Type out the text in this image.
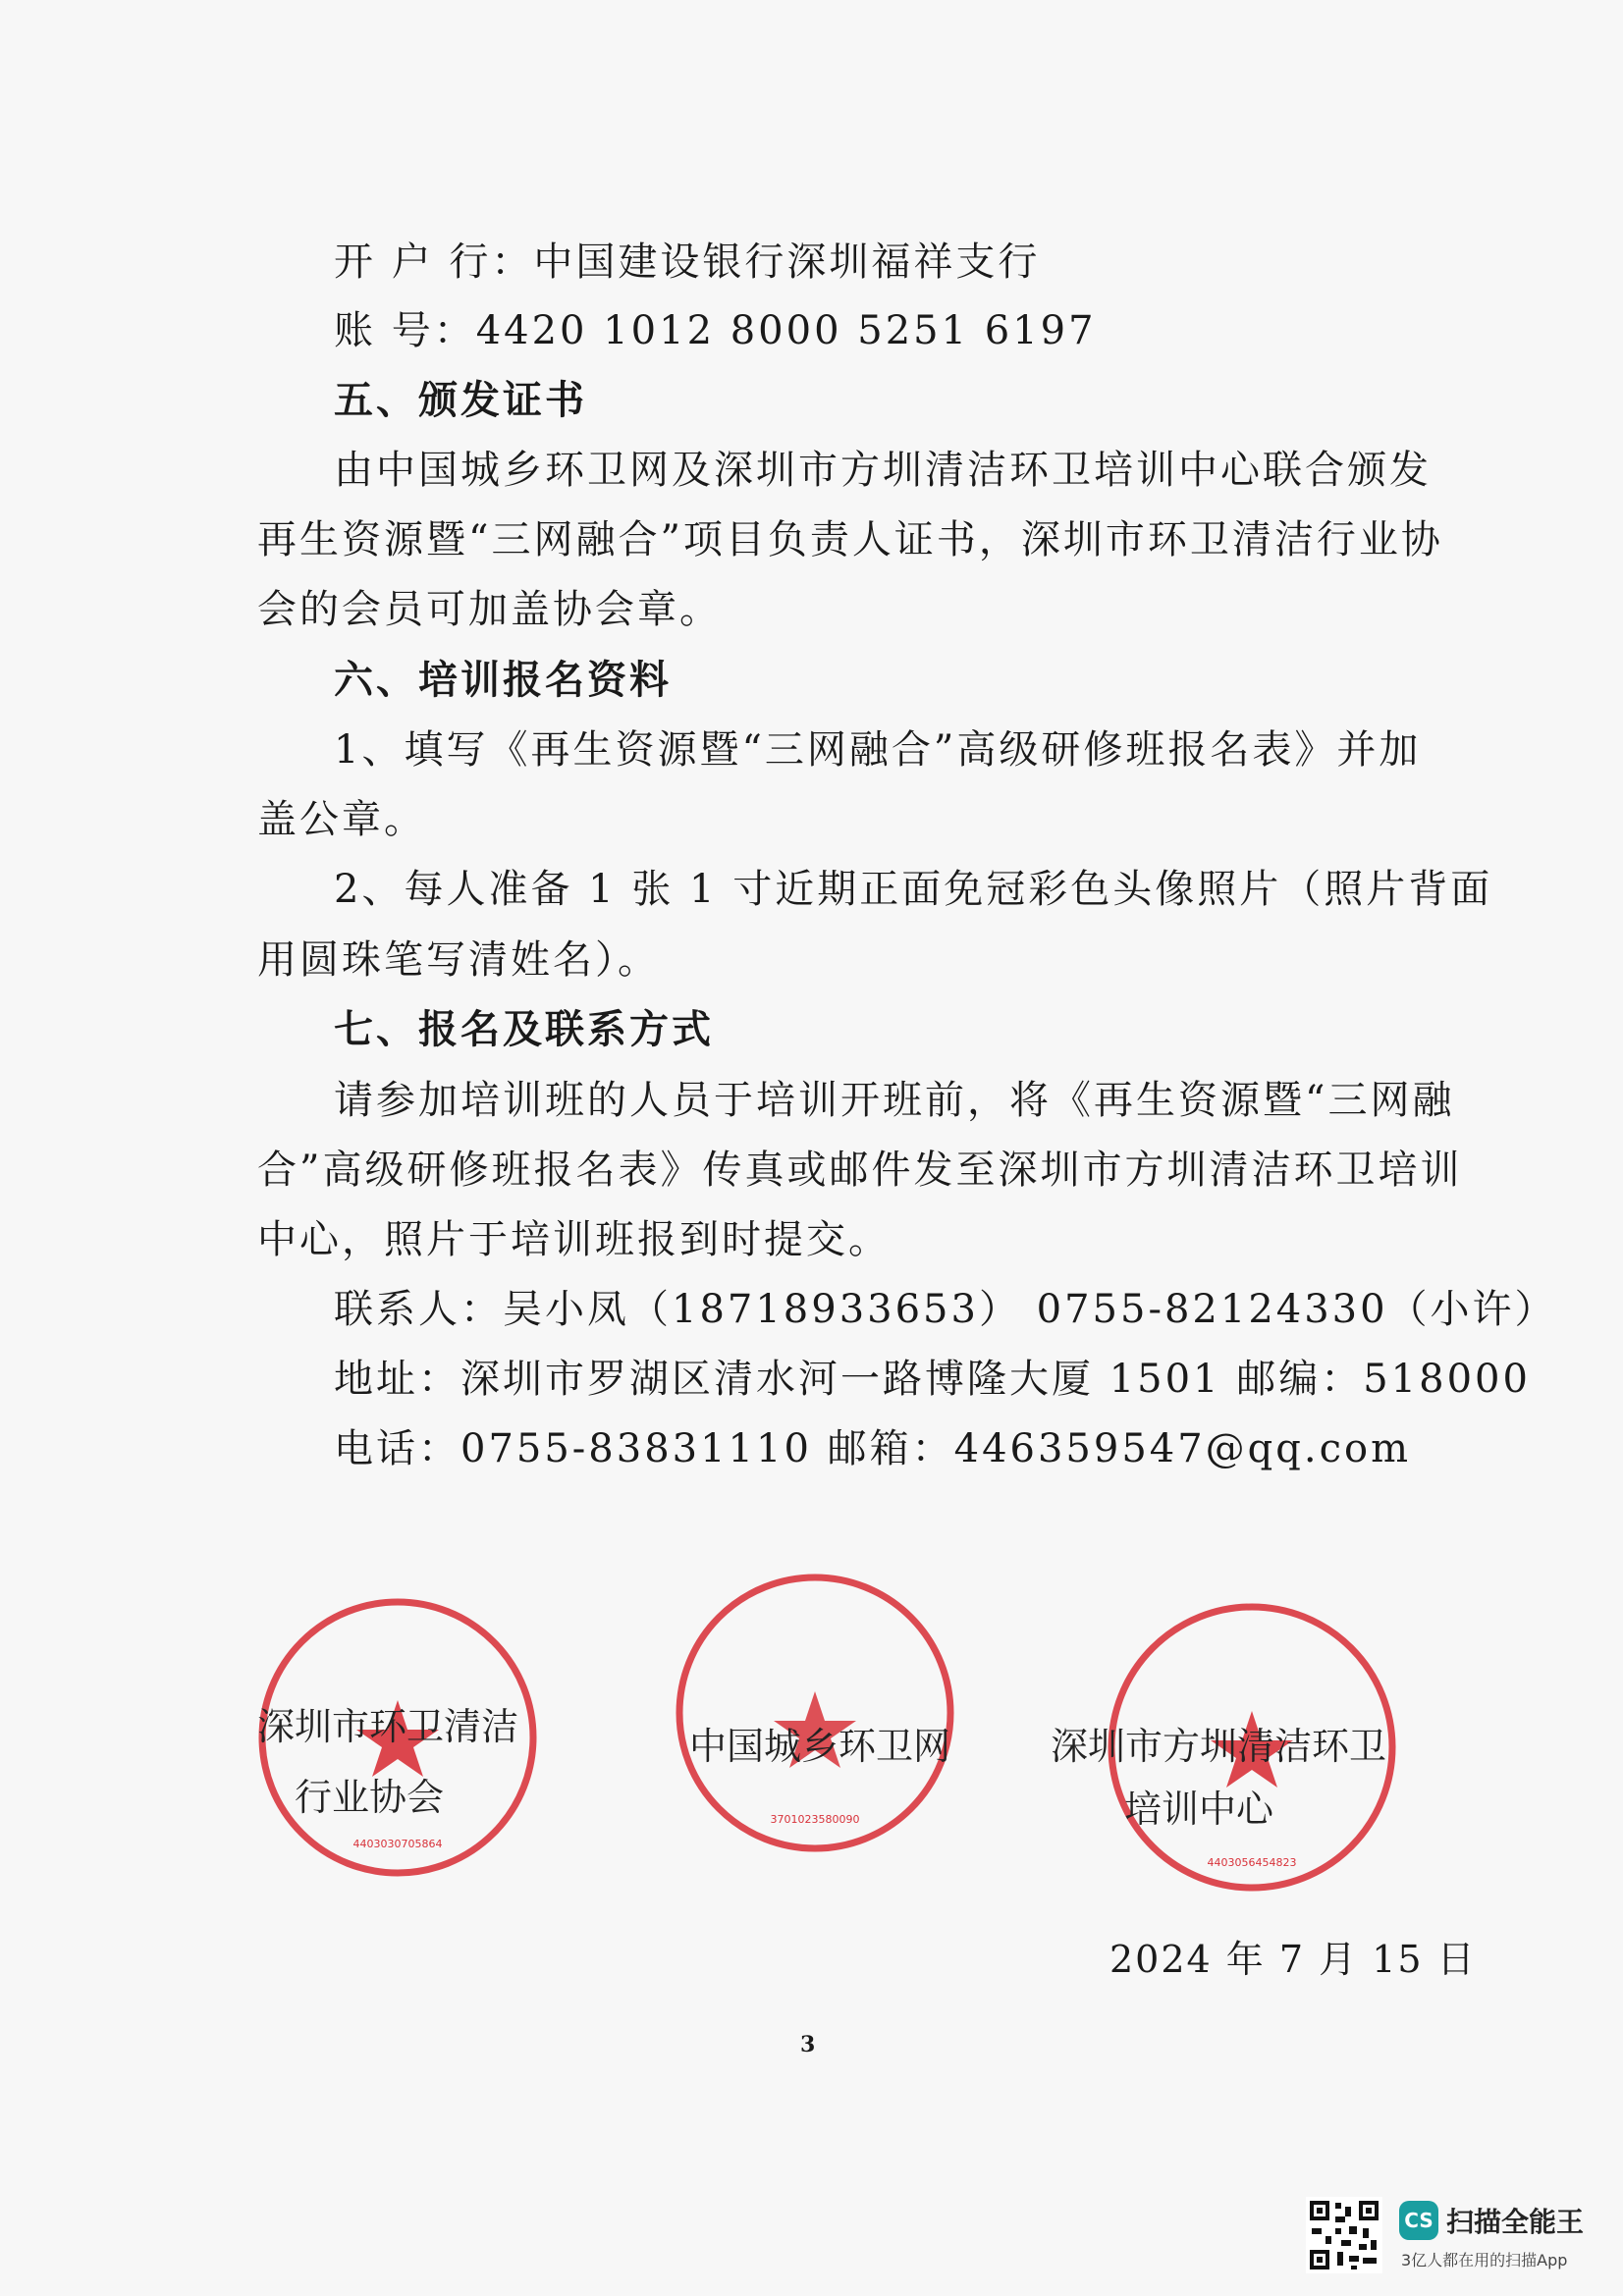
开 户 行：中国建设银行深圳福祥支行
账 号：4420 1012 8000 5251 6197
五、颁发证书
由中国城乡环卫网及深圳市方圳清洁环卫培训中心联合颁发
再生资源暨“三网融合”项目负责人证书，深圳市环卫清洁行业协
会的会员可加盖协会章。
六、培训报名资料
1、填写《再生资源暨“三网融合”高级研修班报名表》并加
盖公章。
2、每人准备 1 张 1 寸近期正面免冠彩色头像照片（照片背面
用圆珠笔写清姓名）。
七、报名及联系方式
请参加培训班的人员于培训开班前，将《再生资源暨“三网融
合”高级研修班报名表》传真或邮件发至深圳市方圳清洁环卫培训
中心，照片于培训班报到时提交。
联系人：吴小凤（18718933653） 0755-82124330（小许）
地址：深圳市罗湖区清水河一路博隆大厦 1501 邮编：518000
电话：0755-83831110 邮箱：446359547@qq.com
4403030705864
深圳市环卫清洁
行业协会
3701023580090
中国城乡环卫网
4403056454823
深圳市方圳清洁环卫
培训中心
2024 年 7 月 15 日
3
CS 扫描全能王
3亿人都在用的扫描App
